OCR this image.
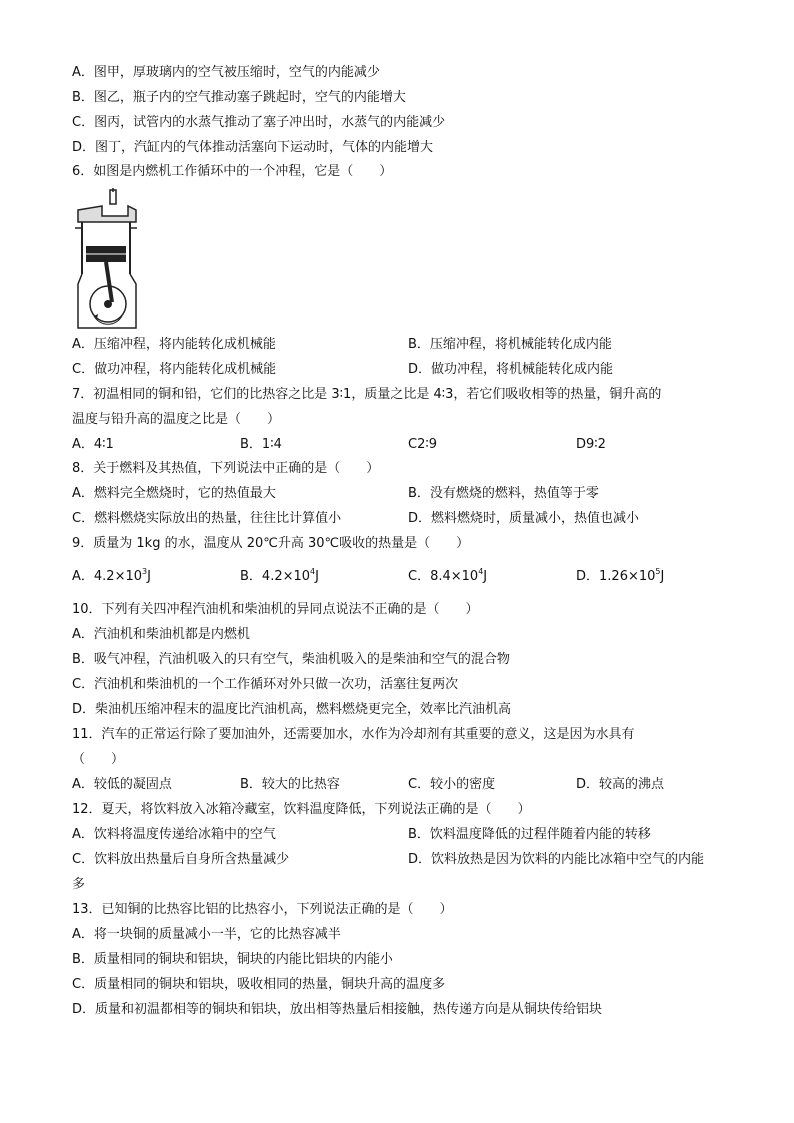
A．图甲，厚玻璃内的空气被压缩时，空气的内能减少
B．图乙，瓶子内的空气推动塞子跳起时，空气的内能增大
C．图丙，试管内的水蒸气推动了塞子冲出时，水蒸气的内能减少
D．图丁，汽缸内的气体推动活塞向下运动时，气体的内能增大
6．如图是内燃机工作循环中的一个冲程，它是（　　）
A．压缩冲程，将内能转化成机械能	B．压缩冲程，将机械能转化成内能
C．做功冲程，将内能转化成机械能	D．做功冲程，将机械能转化成内能
7．初温相同的铜和铅，它们的比热容之比是 3∶1，质量之比是 4∶3，若它们吸收相等的热量，铜升高的
温度与铅升高的温度之比是（　　）
A．4∶1	B．1∶4	C2∶9	D9∶2
8．关于燃料及其热值，下列说法中正确的是（　　）
A．燃料完全燃烧时，它的热值最大	B．没有燃烧的燃料，热值等于零
C．燃料燃烧实际放出的热量，往往比计算值小	D．燃料燃烧时，质量减小，热值也减小
9．质量为 1kg 的水，温度从 20℃升高 30℃吸收的热量是（　　）
A．$4.2\times 10^3J$	B．$4.2\times 10^4J$	C．$8.4\times 10^4J$	D．$1.26\times 10^5J$
10．下列有关四冲程汽油机和柴油机的异同点说法不正确的是（　　）
A．汽油机和柴油机都是内燃机
B．吸气冲程，汽油机吸入的只有空气，柴油机吸入的是柴油和空气的混合物
C．汽油机和柴油机的一个工作循环对外只做一次功，活塞往复两次
D．柴油机压缩冲程末的温度比汽油机高，燃料燃烧更完全，效率比汽油机高
11．汽车的正常运行除了要加油外，还需要加水，水作为冷却剂有其重要的意义，这是因为水具有
（　　）
A．较低的凝固点	B．较大的比热容	C．较小的密度	D．较高的沸点
12．夏天，将饮料放入冰箱冷藏室，饮料温度降低，下列说法正确的是（　　）
A．饮料将温度传递给冰箱中的空气	B．饮料温度降低的过程伴随着内能的转移
C．饮料放出热量后自身所含热量减少	D．饮料放热是因为饮料的内能比冰箱中空气的内能
多
13．已知铜的比热容比铝的比热容小，下列说法正确的是（　　）
A．将一块铜的质量减小一半，它的比热容减半
B．质量相同的铜块和铝块，铜块的内能比铝块的内能小
C．质量相同的铜块和铝块，吸收相同的热量，铜块升高的温度多
D．质量和初温都相等的铜块和铝块，放出相等热量后相接触，热传递方向是从铜块传给铝块
